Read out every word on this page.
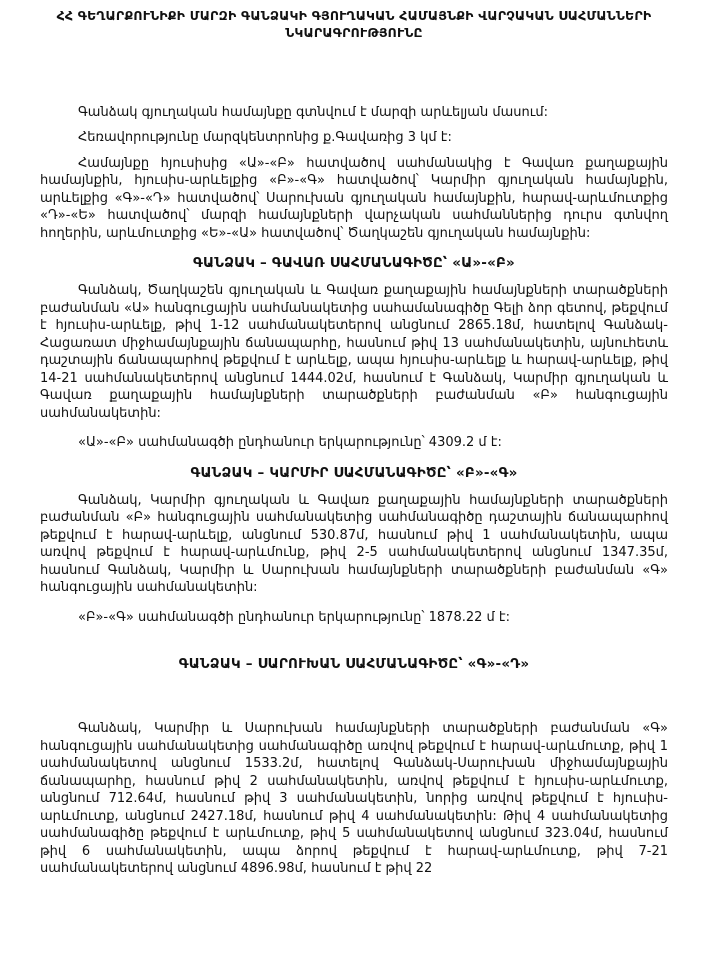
ՀՀ ԳԵՂԱՐՔՈՒՆԻՔԻ ՄԱՐԶԻ ԳԱՆՁԱԿԻ ԳՅՈՒՂԱԿԱՆ ՀԱՄԱՅՆՔԻ ՎԱՐՉԱԿԱՆ ՍԱՀՄԱՆՆԵՐԻ ՆԿԱՐԱԳՐՈՒԹՅՈՒՆԸ

Գանձակ գյուղական համայնքը գտնվում է մարզի արևելյան մասում:

Հեռավորությունը մարզկենտրոնից ք.Գավառից 3 կմ է:

Համայնքը հյուսիսից «Ա»-«Բ» հատվածով սահմանակից է Գավառ քաղաքային համայնքին, հյուսիս-արևելքից «Բ»-«Գ» հատվածով՝ Կարմիր գյուղական համայնքին, արևելքից «Գ»-«Դ» հատվածով՝ Սարուխան գյուղական համայնքին, հարավ-արևմուտքից «Դ»-«Ե» հատվածով՝ մարզի համայնքների վարչական սահմաններից դուրս գտնվող հողերին, արևմուտքից «Ե»-«Ա» հատվածով՝ Ծաղկաշեն գյուղական համայնքին:

ԳԱՆՁԱԿ – ԳԱՎԱՌ ՍԱՀՄԱՆԱԳԻԾԸ՝ «Ա»-«Բ»

Գանձակ, Ծաղկաշեն գյուղական և Գավառ քաղաքային համայնքների տարածքների բաժանման «Ա» հանգուցային սահմանակետից սահամանագիծը Գելի ձոր գետով, թեքվում է հյուսիս-արևելք, թիվ 1-12 սահմանակետերով անցնում 2865.18մ, հատելով Գանձակ-Հացառատ միջհամայնքային ճանապարհը, հասնում թիվ 13 սահմանակետին, այնուհետև դաշտային ճանապարհով թեքվում է արևելք, ապա հյուսիս-արևելք և հարավ-արևելք, թիվ 14-21 սահմանակետերով անցնում 1444.02մ, հասնում է Գանձակ, Կարմիր գյուղական և Գավառ քաղաքային համայնքների տարածքների բաժանման «Բ» հանգուցային սահմանակետին:

«Ա»-«Բ» սահմանագծի ընդհանուր երկարությունը՝ 4309.2 մ է:

ԳԱՆՁԱԿ – ԿԱՐՄԻՐ ՍԱՀՄԱՆԱԳԻԾԸ՝ «Բ»-«Գ»

Գանձակ, Կարմիր գյուղական և Գավառ քաղաքային համայնքների տարածքների բաժանման «Բ» հանգուցային սահմանակետից սահմանագիծը դաշտային ճանապարհով թեքվում է հարավ-արևելք, անցնում 530.87մ, հասնում թիվ 1 սահմանակետին, ապա առվով թեքվում է հարավ-արևմունք, թիվ 2-5 սահմանակետերով անցնում 1347.35մ, հասնում Գանձակ, Կարմիր և Սարուխան համայնքների տարածքների բաժանման «Գ» հանգուցային սահմանակետին:

«Բ»-«Գ» սահմանագծի ընդհանուր երկարությունը՝ 1878.22 մ է:

ԳԱՆՁԱԿ – ՍԱՐՈՒԽԱՆ ՍԱՀՄԱՆԱԳԻԾԸ՝ «Գ»-«Դ»

Գանձակ, Կարմիր և Սարուխան համայնքների տարածքների բաժանման «Գ» հանգուցային սահմանակետից սահմանագիծը առվով թեքվում է հարավ-արևմուտք, թիվ 1 սահմանակետով անցնում 1533.2մ, հատելով Գանձակ-Սարուխան միջհամայնքային ճանապարհը, հասնում թիվ 2 սահմանակետին, առվով թեքվում է հյուսիս-արևմուտք, անցնում 712.64մ, հասնում թիվ 3 սահմանակետին, նորից առվով թեքվում է հյուսիս-արևմուտք, անցնում 2427.18մ, հասնում թիվ 4 սահմանակետին: Թիվ 4 սահմանակետից սահմանագիծը թեքվում է արևմուտք, թիվ 5 սահմանակետով անցնում 323.04մ, հասնում թիվ 6 սահմանակետին, ապա ձորով թեքվում է հարավ-արևմուտք, թիվ 7-21 սահմանակետերով անցնում 4896.98մ, հասնում է թիվ 22
